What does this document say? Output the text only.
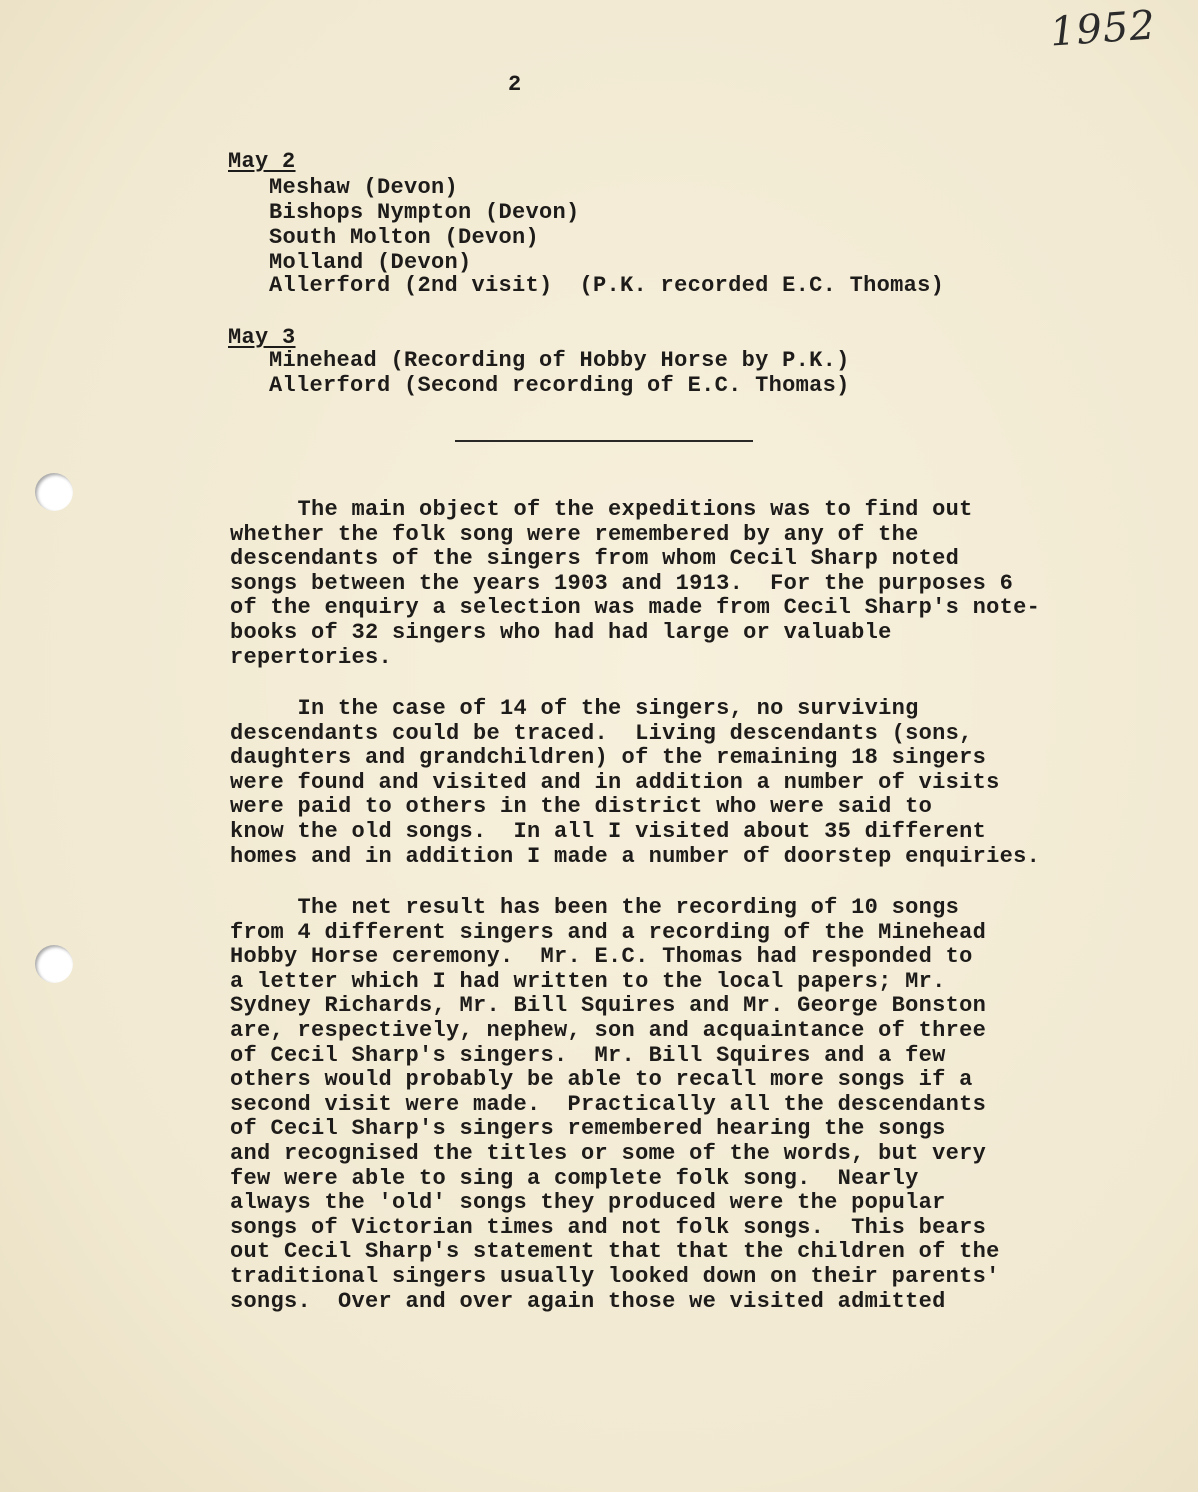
1952
2
May 2
Meshaw (Devon)
Bishops Nympton (Devon)
South Molton (Devon)
Molland (Devon)
Allerford (2nd visit)  (P.K. recorded E.C. Thomas)
May 3
Minehead (Recording of Hobby Horse by P.K.)
Allerford (Second recording of E.C. Thomas)
The main object of the expeditions was to find out
whether the folk song were remembered by any of the
descendants of the singers from whom Cecil Sharp noted
songs between the years 1903 and 1913.  For the purposes 6
of the enquiry a selection was made from Cecil Sharp's note-
books of 32 singers who had had large or valuable
repertories.
In the case of 14 of the singers, no surviving
descendants could be traced.  Living descendants (sons,
daughters and grandchildren) of the remaining 18 singers
were found and visited and in addition a number of visits
were paid to others in the district who were said to
know the old songs.  In all I visited about 35 different
homes and in addition I made a number of doorstep enquiries.
The net result has been the recording of 10 songs
from 4 different singers and a recording of the Minehead
Hobby Horse ceremony.  Mr. E.C. Thomas had responded to
a letter which I had written to the local papers; Mr.
Sydney Richards, Mr. Bill Squires and Mr. George Bonston
are, respectively, nephew, son and acquaintance of three
of Cecil Sharp's singers.  Mr. Bill Squires and a few
others would probably be able to recall more songs if a
second visit were made.  Practically all the descendants
of Cecil Sharp's singers remembered hearing the songs
and recognised the titles or some of the words, but very
few were able to sing a complete folk song.  Nearly
always the 'old' songs they produced were the popular
songs of Victorian times and not folk songs.  This bears
out Cecil Sharp's statement that that the children of the
traditional singers usually looked down on their parents'
songs.  Over and over again those we visited admitted
